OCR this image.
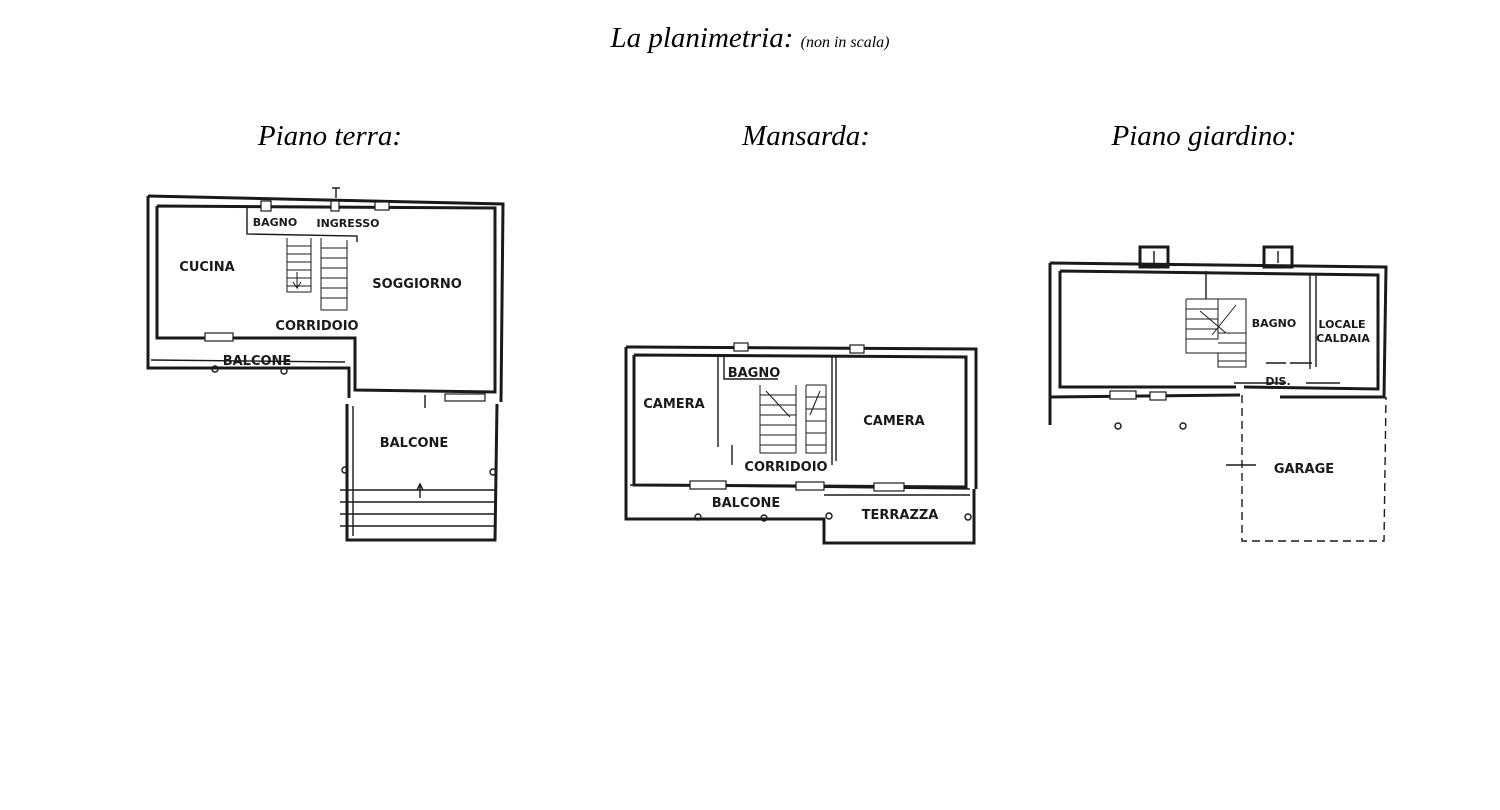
La planimetria: (non in scala)
Piano terra:	Mansarda:	Piano giardino:
BAGNO INGRESSO
CUCINA
SOGGIORNO
CORRIDOIO
BALCONE
BALCONE
BAGNO
CAMERA
CAMERA
CORRIDOIO
BALCONE
TERRAZZA
BAGNO LOCALE
CALDAIA
DIS.
GARAGE
